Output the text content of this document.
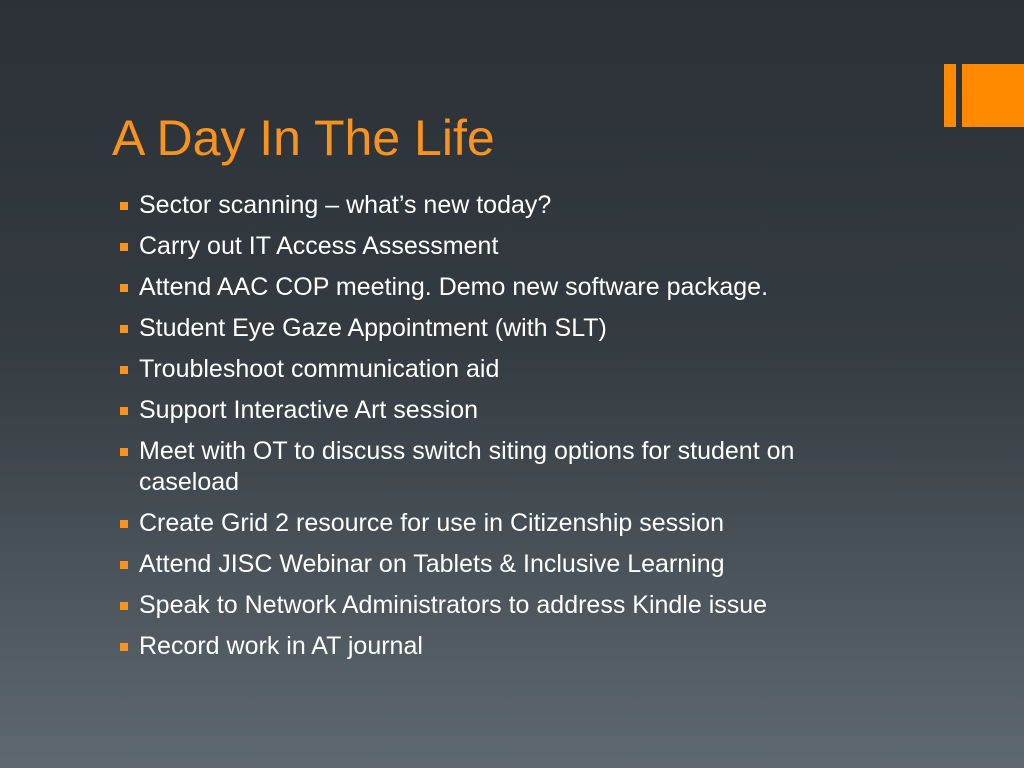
A Day In The Life
Sector scanning – what’s new today?
Carry out IT Access Assessment
Attend AAC COP meeting. Demo new software package.
Student Eye Gaze Appointment (with SLT)
Troubleshoot communication aid
Support Interactive Art session
Meet with OT to discuss switch siting options for student on caseload
Create Grid 2 resource for use in Citizenship session
Attend JISC Webinar on Tablets & Inclusive Learning
Speak to Network Administrators to address Kindle issue
Record work in AT journal
